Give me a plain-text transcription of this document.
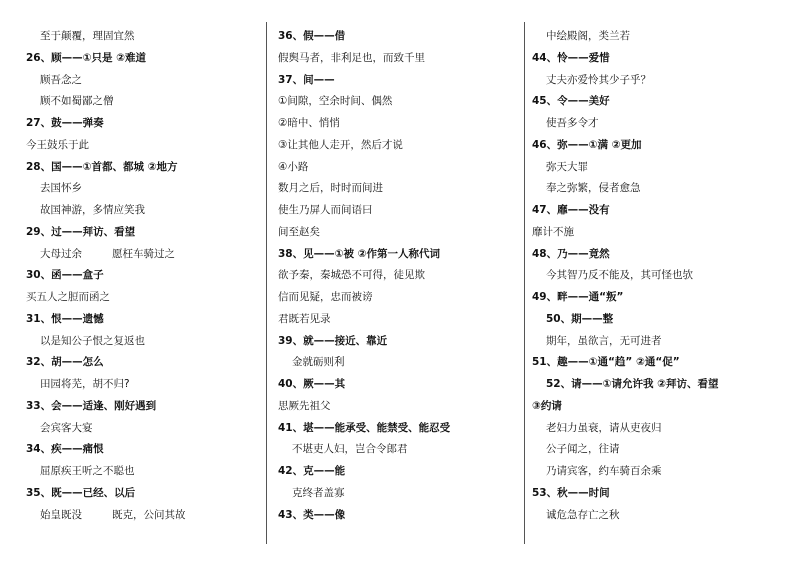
至于颠覆，理固宜然
26、顾——①只是 ②难道
顾吾念之
顾不如蜀鄙之僧
27、鼓——弹奏
今王鼓乐于此
28、国——①首都、都城 ②地方
去国怀乡
故国神游，多情应笑我
29、过——拜访、看望
大母过余	愿枉车骑过之
30、函——盒子
买五人之脰而函之
31、恨——遗憾
以是知公子恨之复返也
32、胡——怎么
田园将芜，胡不归?
33、会——适逢、刚好遇到
会宾客大宴
34、疾——痛恨
屈原疾王听之不聪也
35、既——已经、以后
始皇既没	既克，公问其故
36、假——借
假舆马者，非利足也，而致千里
37、间——
①间隙，空余时间、偶然
②暗中、悄悄
③让其他人走开，然后才说
④小路
数月之后，时时而间进
使生乃屏人而间语曰
间至赵矣
38、见——①被 ②作第一人称代词
欲予秦，秦城恐不可得，徒见欺
信而见疑，忠而被谤
君既若见录
39、就——接近、靠近
金就砺则利
40、厥——其
思厥先祖父
41、堪——能承受、能禁受、能忍受
不堪吏人妇，岂合令郎君
42、克——能
克终者盖寡
43、类——像
中绘殿阁，类兰若
44、怜——爱惜
丈夫亦爱怜其少子乎？
45、令——美好
使吾多令才
46、弥——①满 ②更加
弥天大罪
奉之弥繁，侵者愈急
47、靡——没有
靡计不施
48、乃——竟然
今其智乃反不能及，其可怪也欤
49、畔——通“叛”
50、期——整
期年，虽欲言，无可进者
51、趣——①通“趋” ②通“促”
52、请——①请允许我 ②拜访、看望
③约请
老妇力虽衰，请从吏夜归
公子闻之，往请
乃请宾客，约车骑百余乘
53、秋——时间
诚危急存亡之秋
